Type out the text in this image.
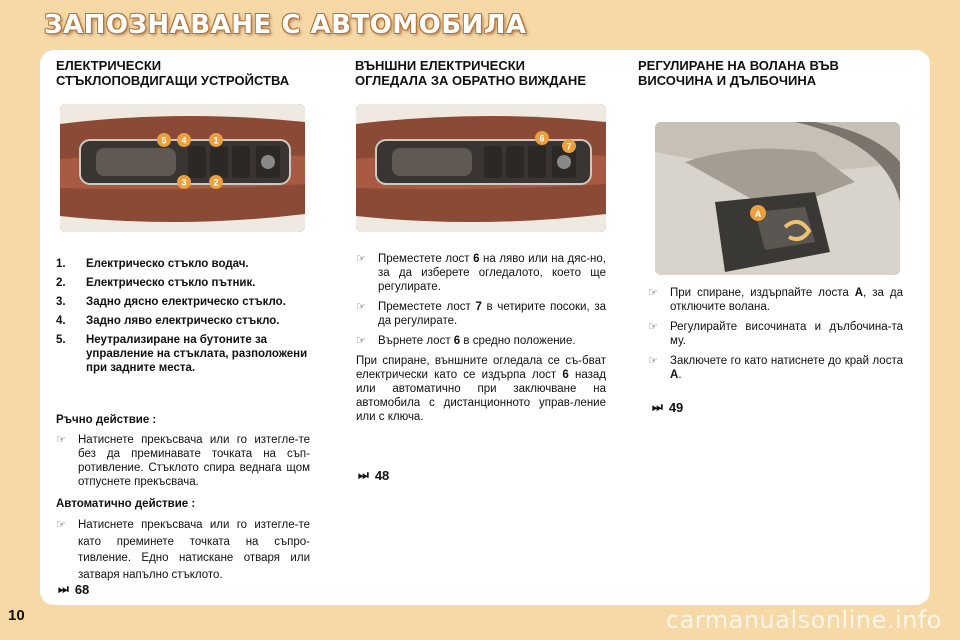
ЗАПОЗНАВАНЕ С АВТОМОБИЛА
ЕЛЕКТРИЧЕСКИ
СТЪКЛОПОВДИГАЩИ УСТРОЙСТВА
5 4	1
3	2
1.	Електрическо стъкло водач.
2.	Електрическо стъкло пътник.
3.	Задно дясно електрическо стъкло.
4.	Задно ляво електрическо стъкло.
5.	Неутрализиране на бутоните за управление на стъклата, разположени при задните места.
Ръчно действие :
☞	Натиснете прекъсвача или го изтегле-те без да преминавате точката на съп-ротивление. Стъклото спира веднага щом отпуснете прекъсвача.
Автоматично действие :
☞	Натиснете прекъсвача или го изтегле-те като преминете точката на съпро-тивление. Едно натискане отваря или затваря напълно стъклото.
⏭ 68
ВЪНШНИ ЕЛЕКТРИЧЕСКИ
ОГЛЕДАЛА ЗА ОБРАТНО ВИЖДАНЕ
6
7
☞	Преместете лост 6 на ляво или на дяс-но, за да изберете огледалото, което ще регулирате.
☞	Преместете лост 7 в четирите посоки, за да регулирате.
☞	Върнете лост 6 в средно положение.
При спиране, външните огледала се съ-бват електрически като се издърпа лост 6 назад или автоматично при заключване на автомобила с дистанционното управ-ление или с ключа.
⏭ 48
РЕГУЛИРАНЕ НА ВОЛАНА ВЪВ
ВИСОЧИНА И ДЪЛБОЧИНА
A
☞	При спиране, издърпайте лоста A, за да отключите волана.
☞	Регулирайте височината и дълбочина-та му.
☞	Заключете го като натиснете до край лоста A.
⏭ 49
10	carmanualsonline.info
